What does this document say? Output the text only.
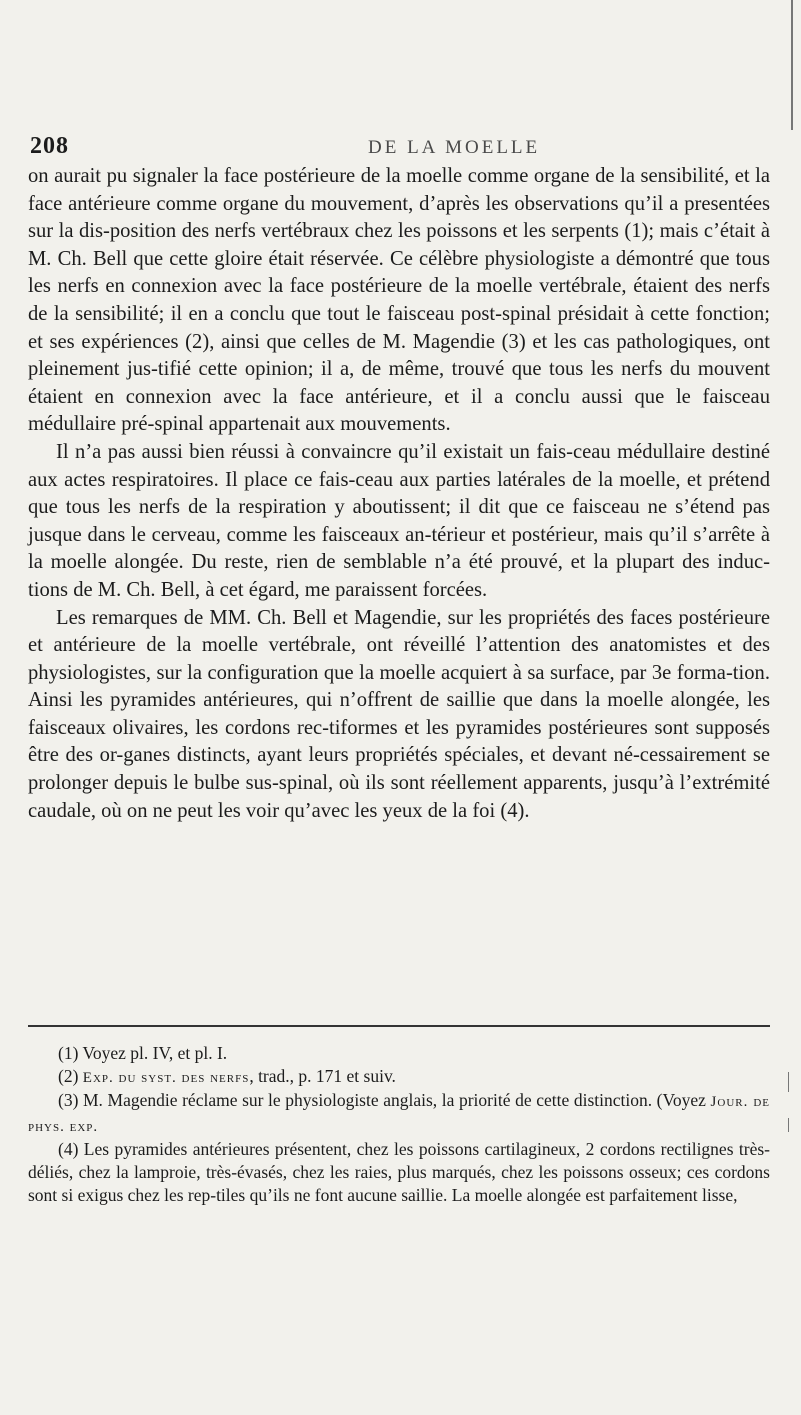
208	DE LA MOELLE

on aurait pu signaler la face postérieure de la moelle comme organe de la sensibilité, et la face antérieure comme organe du mouvement, d’après les observations qu’il a presentées sur la dis-position des nerfs vertébraux chez les poissons et les serpents (1); mais c’était à M. Ch. Bell que cette gloire était réservée. Ce célèbre physiologiste a démontré que tous les nerfs en connexion avec la face postérieure de la moelle vertébrale, étaient des nerfs de la sensibilité; il en a conclu que tout le faisceau post-spinal présidait à cette fonction; et ses expériences (2), ainsi que celles de M. Magendie (3) et les cas pathologiques, ont pleinement jus-tifié cette opinion; il a, de même, trouvé que tous les nerfs du mouvent étaient en connexion avec la face antérieure, et il a conclu aussi que le faisceau médullaire pré-spinal appartenait aux mouvements.

Il n’a pas aussi bien réussi à convaincre qu’il existait un fais-ceau médullaire destiné aux actes respiratoires. Il place ce fais-ceau aux parties latérales de la moelle, et prétend que tous les nerfs de la respiration y aboutissent; il dit que ce faisceau ne s’étend pas jusque dans le cerveau, comme les faisceaux an-térieur et postérieur, mais qu’il s’arrête à la moelle alongée. Du reste, rien de semblable n’a été prouvé, et la plupart des induc-tions de M. Ch. Bell, à cet égard, me paraissent forcées.

Les remarques de MM. Ch. Bell et Magendie, sur les propriétés des faces postérieure et antérieure de la moelle vertébrale, ont réveillé l’attention des anatomistes et des physiologistes, sur la configuration que la moelle acquiert à sa surface, par 3e forma-tion. Ainsi les pyramides antérieures, qui n’offrent de saillie que dans la moelle alongée, les faisceaux olivaires, les cordons rec-tiformes et les pyramides postérieures sont supposés être des or-ganes distincts, ayant leurs propriétés spéciales, et devant né-cessairement se prolonger depuis le bulbe sus-spinal, où ils sont réellement apparents, jusqu’à l’extrémité caudale, où on ne peut les voir qu’avec les yeux de la foi (4).

(1) Voyez pl. IV, et pl. I.

(2) Exp. du syst. des nerfs, trad., p. 171 et suiv.

(3) M. Magendie réclame sur le physiologiste anglais, la priorité de cette distinction. (Voyez Jour. de phys. exp.

(4) Les pyramides antérieures présentent, chez les poissons cartilagineux, 2 cordons rectilignes très-déliés, chez la lamproie, très-évasés, chez les raies, plus marqués, chez les poissons osseux; ces cordons sont si exigus chez les rep-tiles qu’ils ne font aucune saillie. La moelle alongée est parfaitement lisse,
